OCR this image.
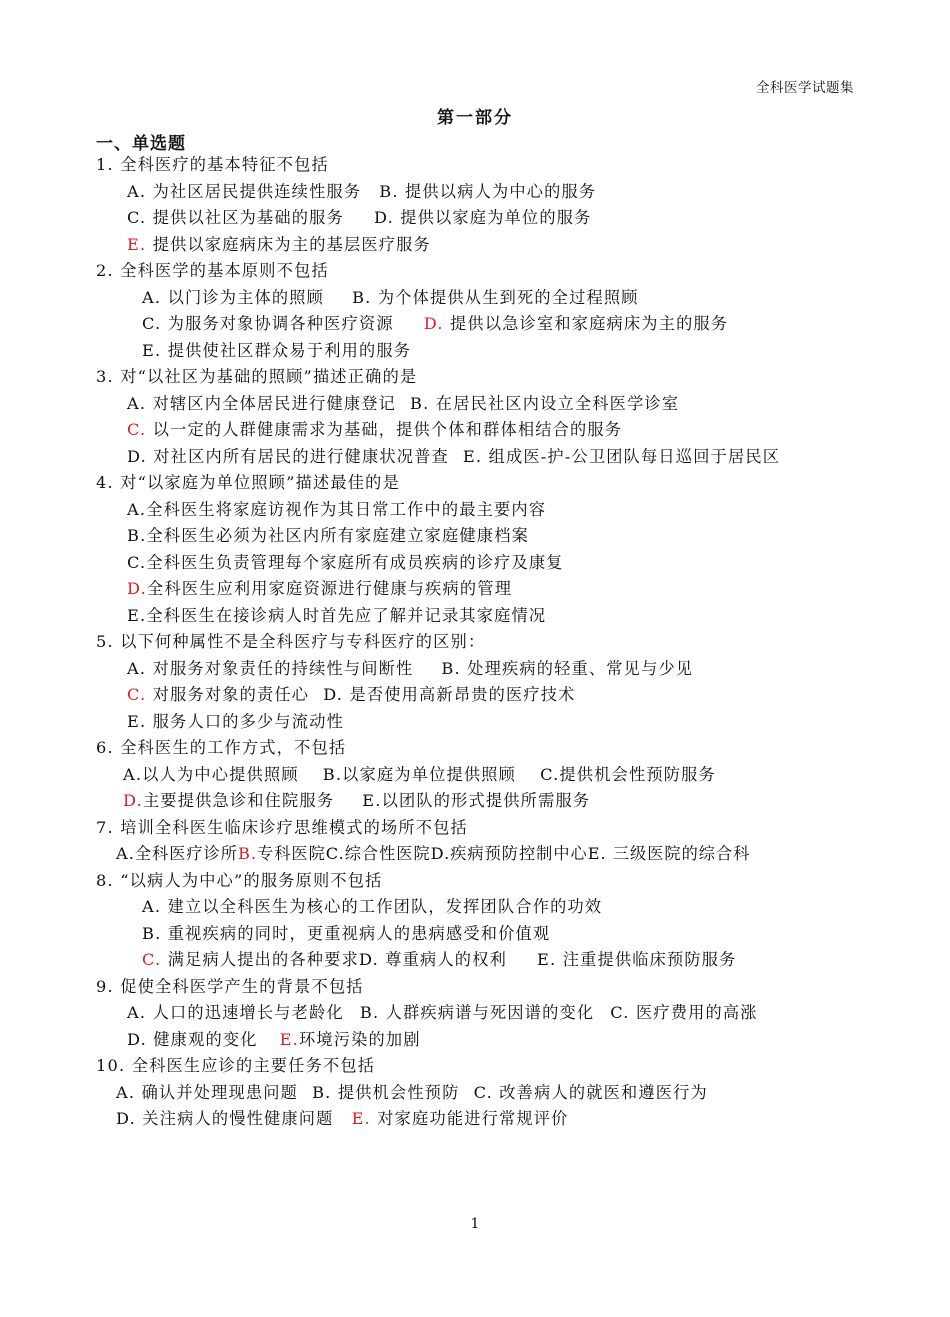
全科医学试题集
第一部分
一、单选题
1. 全科医疗的基本特征不包括
A. 为社区居民提供连续性服务 B. 提供以病人为中心的服务
C. 提供以社区为基础的服务 D. 提供以家庭为单位的服务
E. 提供以家庭病床为主的基层医疗服务
2. 全科医学的基本原则不包括
A. 以门诊为主体的照顾 B. 为个体提供从生到死的全过程照顾
C. 为服务对象协调各种医疗资源 D. 提供以急诊室和家庭病床为主的服务
E. 提供使社区群众易于利用的服务
3. 对“以社区为基础的照顾”描述正确的是
A. 对辖区内全体居民进行健康登记 B. 在居民社区内设立全科医学诊室
C. 以一定的人群健康需求为基础，提供个体和群体相结合的服务
D. 对社区内所有居民的进行健康状况普查 E. 组成医-护-公卫团队每日巡回于居民区
4. 对“以家庭为单位照顾”描述最佳的是
A.全科医生将家庭访视作为其日常工作中的最主要内容
B.全科医生必须为社区内所有家庭建立家庭健康档案
C.全科医生负责管理每个家庭所有成员疾病的诊疗及康复
D.全科医生应利用家庭资源进行健康与疾病的管理
E.全科医生在接诊病人时首先应了解并记录其家庭情况
5. 以下何种属性不是全科医疗与专科医疗的区别：
A. 对服务对象责任的持续性与间断性 B. 处理疾病的轻重、常见与少见
C. 对服务对象的责任心 D. 是否使用高新昂贵的医疗技术
E. 服务人口的多少与流动性
6. 全科医生的工作方式，不包括
A.以人为中心提供照顾 B.以家庭为单位提供照顾 C.提供机会性预防服务
D.主要提供急诊和住院服务 E.以团队的形式提供所需服务
7. 培训全科医生临床诊疗思维模式的场所不包括
A.全科医疗诊所B.专科医院C.综合性医院D.疾病预防控制中心E. 三级医院的综合科
8. “以病人为中心”的服务原则不包括
A. 建立以全科医生为核心的工作团队，发挥团队合作的功效
B. 重视疾病的同时，更重视病人的患病感受和价值观
C. 满足病人提出的各种要求D. 尊重病人的权利 E. 注重提供临床预防服务
9. 促使全科医学产生的背景不包括
A. 人口的迅速增长与老龄化 B. 人群疾病谱与死因谱的变化 C. 医疗费用的高涨
D. 健康观的变化 E.环境污染的加剧
10. 全科医生应诊的主要任务不包括
A. 确认并处理现患问题 B. 提供机会性预防 C. 改善病人的就医和遵医行为
D. 关注病人的慢性健康问题 E. 对家庭功能进行常规评价
1
